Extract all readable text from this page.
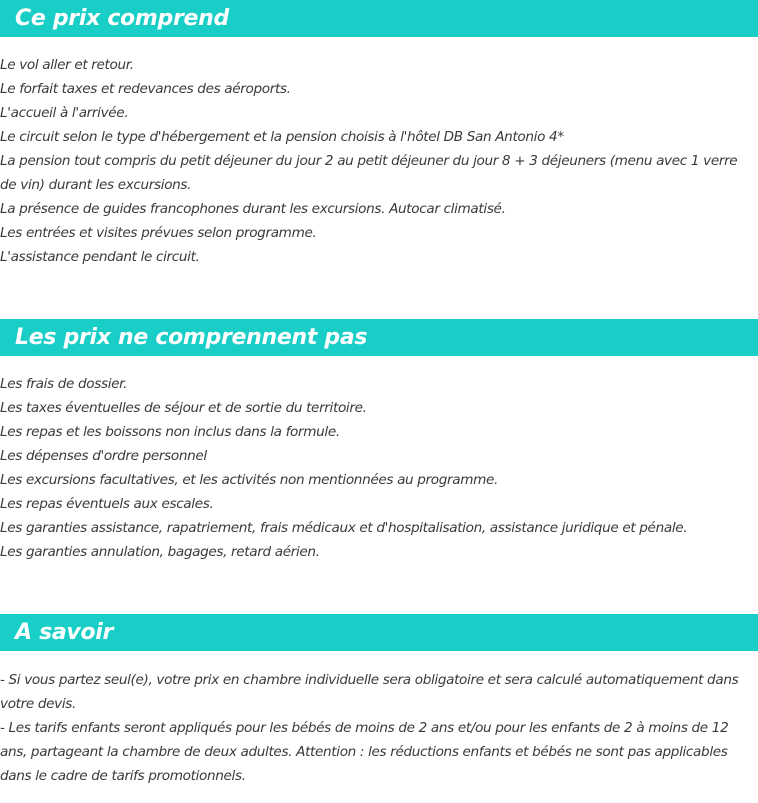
Ce prix comprend
Le vol aller et retour.
Le forfait taxes et redevances des aéroports.
L'accueil à l'arrivée.
Le circuit selon le type d'hébergement et la pension choisis à l'hôtel DB San Antonio 4*
La pension tout compris du petit déjeuner du jour 2 au petit déjeuner du jour 8 + 3 déjeuners (menu avec 1 verre de vin) durant les excursions.
La présence de guides francophones durant les excursions. Autocar climatisé.
Les entrées et visites prévues selon programme.
L'assistance pendant le circuit.
Les prix ne comprennent pas
Les frais de dossier.
Les taxes éventuelles de séjour et de sortie du territoire.
Les repas et les boissons non inclus dans la formule.
Les dépenses d'ordre personnel
Les excursions facultatives, et les activités non mentionnées au programme.
Les repas éventuels aux escales.
Les garanties assistance, rapatriement, frais médicaux et d'hospitalisation, assistance juridique et pénale.
Les garanties annulation, bagages, retard aérien.
A savoir
- Si vous partez seul(e), votre prix en chambre individuelle sera obligatoire et sera calculé automatiquement dans votre devis.
- Les tarifs enfants seront appliqués pour les bébés de moins de 2 ans et/ou pour les enfants de 2 à moins de 12 ans, partageant la chambre de deux adultes. Attention : les réductions enfants et bébés ne sont pas applicables dans le cadre de tarifs promotionnels.
